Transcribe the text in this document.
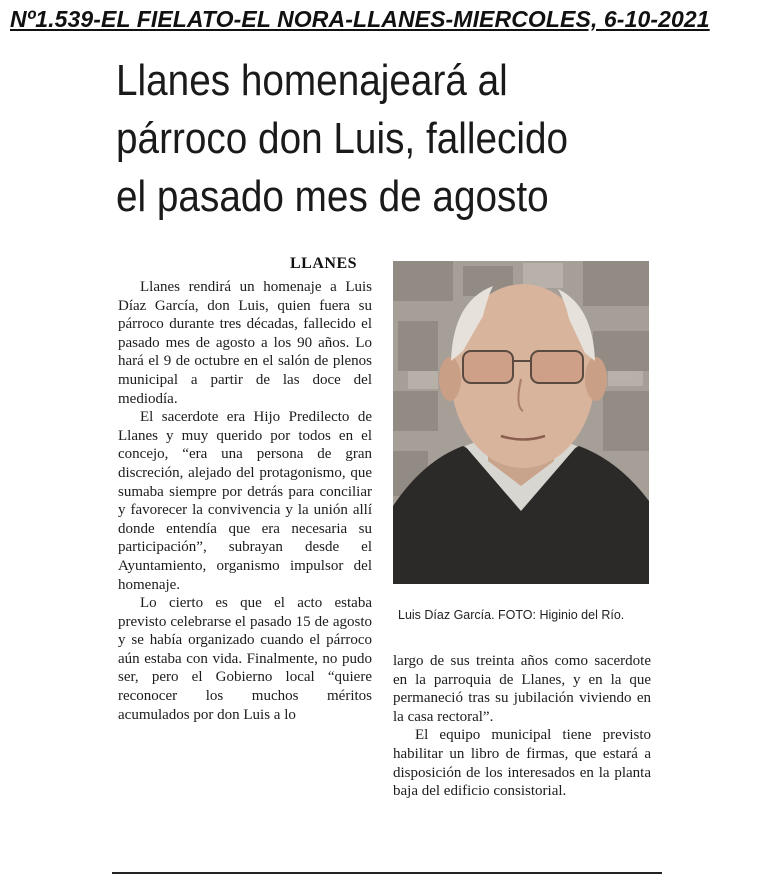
Nº1.539-EL FIELATO-EL NORA-LLANES-MIERCOLES, 6-10-2021
Llanes homenajeará al
párroco don Luis, fallecido
el pasado mes de agosto
LLANES

Llanes rendirá un homenaje a Luis Díaz García, don Luis, quien fuera su párroco durante tres décadas, fallecido el pasado mes de agosto a los 90 años. Lo hará el 9 de octubre en el salón de plenos municipal a partir de las doce del mediodía.

El sacerdote era Hijo Predilecto de Llanes y muy querido por todos en el concejo, “era una persona de gran discreción, alejado del protagonismo, que sumaba siempre por detrás para conciliar y favorecer la convivencia y la unión allí donde entendía que era necesaria su participación”, subrayan desde el Ayuntamiento, organismo impulsor del homenaje.

Lo cierto es que el acto estaba previsto celebrarse el pasado 15 de agosto y se había organizado cuando el párroco aún estaba con vida. Finalmente, no pudo ser, pero el Gobierno local “quiere reconocer los muchos méritos acumulados por don Luis a lo

Luis Díaz García. FOTO: Higinio del Río.

largo de sus treinta años como sacerdote en la parroquia de Llanes, y en la que permaneció tras su jubilación viviendo en la casa rectoral”.

El equipo municipal tiene previsto habilitar un libro de firmas, que estará a disposición de los interesados en la planta baja del edificio consistorial.
